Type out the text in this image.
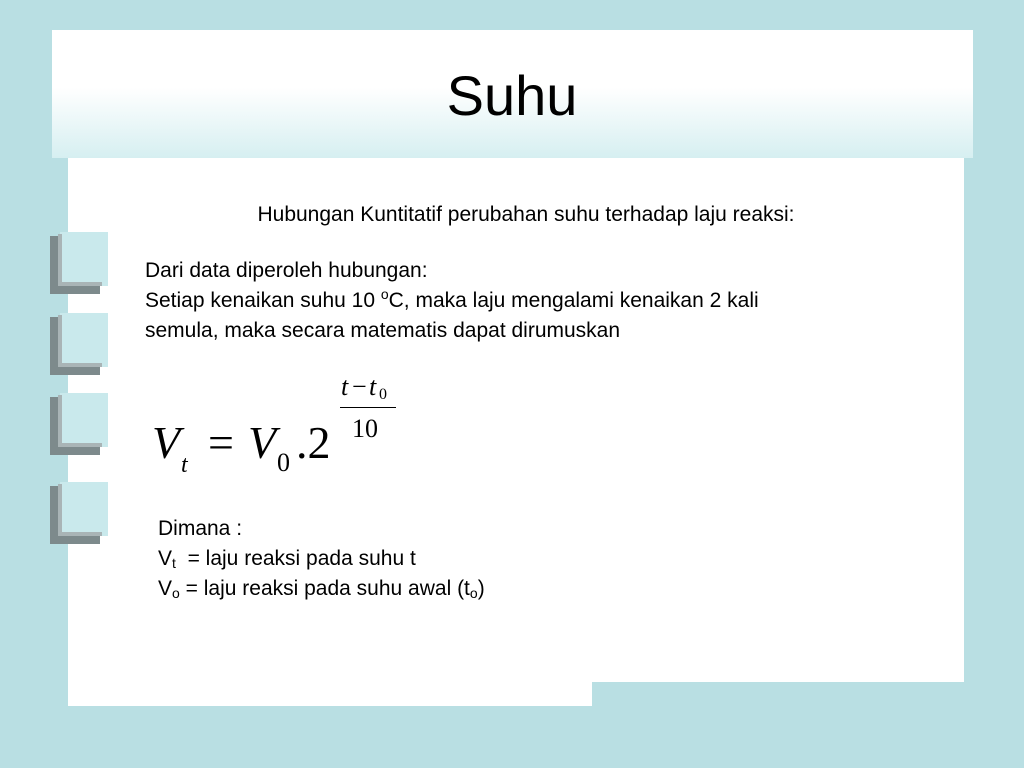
Suhu
Hubungan Kuntitatif perubahan suhu terhadap laju reaksi:
Dari data diperoleh hubungan:
Setiap kenaikan suhu 10 $^o$C, maka laju mengalami kenaikan 2 kali
semula, maka secara matematis dapat dirumuskan
V t = V 0 .2
t − t 0
10
Dimana :
$V_t$  = laju reaksi pada suhu t
$V_o$ = laju reaksi pada suhu awal $(t_o)$
